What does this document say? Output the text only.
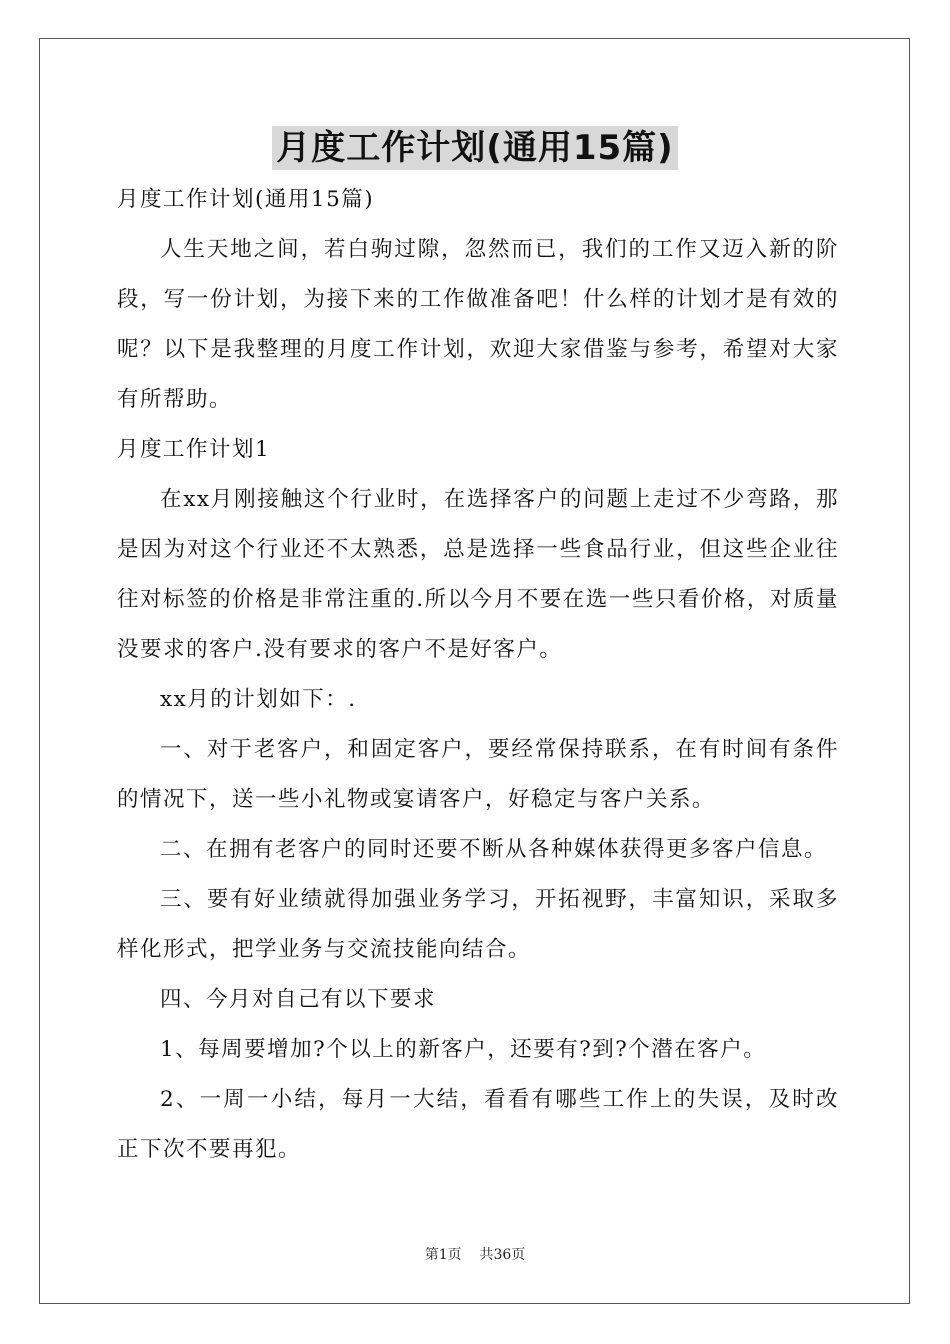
月度工作计划(通用15篇)

月度工作计划(通用15篇)

人生天地之间，若白驹过隙，忽然而已，我们的工作又迈入新的阶段，写一份计划，为接下来的工作做准备吧！什么样的计划才是有效的呢？以下是我整理的月度工作计划，欢迎大家借鉴与参考，希望对大家有所帮助。

月度工作计划1

在xx月刚接触这个行业时，在选择客户的问题上走过不少弯路，那是因为对这个行业还不太熟悉，总是选择一些食品行业，但这些企业往往对标签的价格是非常注重的.所以今月不要在选一些只看价格，对质量没要求的客户.没有要求的客户不是好客户。

xx月的计划如下：.

一、对于老客户，和固定客户，要经常保持联系，在有时间有条件的情况下，送一些小礼物或宴请客户，好稳定与客户关系。

二、在拥有老客户的同时还要不断从各种媒体获得更多客户信息。

三、要有好业绩就得加强业务学习，开拓视野，丰富知识，采取多样化形式，把学业务与交流技能向结合。

四、今月对自己有以下要求

1、每周要增加?个以上的新客户，还要有?到?个潜在客户。

2、一周一小结，每月一大结，看看有哪些工作上的失误，及时改正下次不要再犯。

第1页 共36页
